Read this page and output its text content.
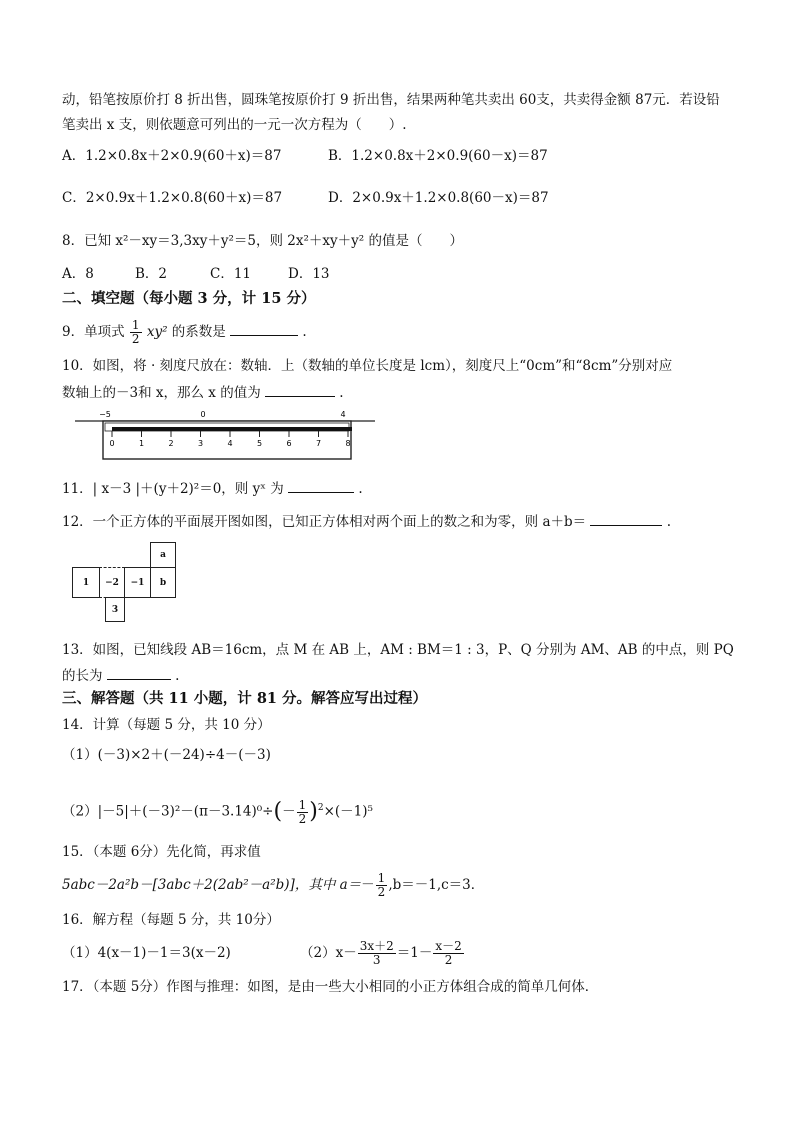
动，铅笔按原价打 8 折出售，圆珠笔按原价打 9 折出售，结果两种笔共卖出 60支，共卖得金额 87元．若设铅
笔卖出 x 支，则依题意可列出的一元一次方程为（　　）.
A．1.2×0.8x＋2×0.9(60＋x)＝87	B．1.2×0.8x＋2×0.9(60－x)＝87
C．2×0.9x＋1.2×0.8(60＋x)＝87	D．2×0.9x＋1.2×0.8(60－x)＝87
8．已知 x²－xy＝3,3xy＋y²＝5，则 2x²＋xy＋y² 的值是（　　）
A．8	B．2	C．11	D．13
二、填空题（每小题 3 分，计 15 分）
9．单项式 $\frac{1}{2} xy^2$ 的系数是	.
10．如图，将 · 刻度尺放在：数轴．上（数轴的单位长度是 lcm），刻度尺上“0cm”和“8cm”分别对应
数轴上的－3和 x，那么 x 的值为	.
−5	0	4
0	1	2	3	4	5	6	7	8
11．| x－3 |＋(y＋2)²＝0，则 yˣ 为	.
12．一个正方体的平面展开图如图，已知正方体相对两个面上的数之和为零，则 a＋b＝	.
a
b
1	−2	−1
3
13．如图，已知线段 AB＝16cm，点 M 在 AB 上，AM : BM＝1 : 3，P、Q 分别为 AM、AB 的中点，则 PQ
的长为	.
三、解答题（共 11 小题，计 81 分。解答应写出过程）
14．计算（每题 5 分，共 10 分）
（1）(－3)×2＋(－24)÷4－(－3)
$(2)|-5|+(-3)^2-(\pi-3.14)^0\div(- \frac{1}{2} )^2\times(-1)^5$
15．（本题 6分）先化简，再求值
5abc－2a²b－[3abc＋2(2ab²－a²b)]，其中 $a=- \frac{1}{2} ,b=-1,c=3$．
16．解方程（每题 5 分，共 10分）
（1）4(x－1)－1＝3(x－2)	$(2)x- \frac{3x+2}{3} =1- \frac{x-2}{2}$
17．（本题 5分）作图与推理：如图，是由一些大小相同的小正方体组合成的简单几何体．
